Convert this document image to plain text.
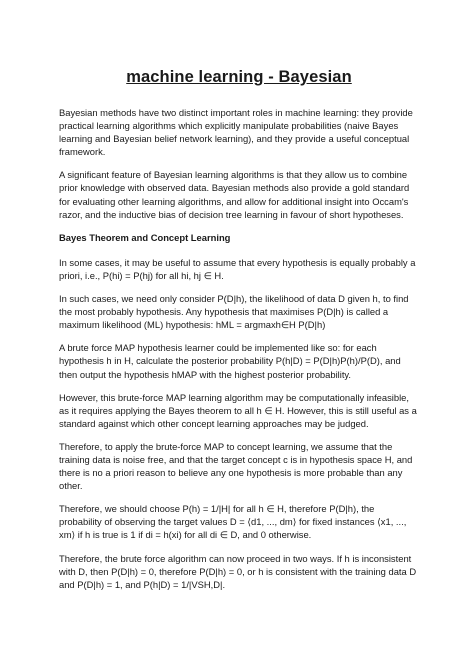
machine learning - Bayesian

Bayesian methods have two distinct important roles in machine learning: they provide practical learning algorithms which explicitly manipulate probabilities (naive Bayes learning and Bayesian belief network learning), and they provide a useful conceptual framework.

A significant feature of Bayesian learning algorithms is that they allow us to combine prior knowledge with observed data. Bayesian methods also provide a gold standard for evaluating other learning algorithms, and allow for additional insight into Occam's razor, and the inductive bias of decision tree learning in favour of short hypotheses.

Bayes Theorem and Concept Learning

In some cases, it may be useful to assume that every hypothesis is equally probably a priori, i.e., P(hi) = P(hj) for all hi, hj ∈ H.

In such cases, we need only consider P(D|h), the likelihood of data D given h, to find the most probably hypothesis. Any hypothesis that maximises P(D|h) is called a maximum likelihood (ML) hypothesis: hML = argmaxh∈H P(D|h)

A brute force MAP hypothesis learner could be implemented like so: for each hypothesis h in H, calculate the posterior probability P(h|D) = P(D|h)P(h)/P(D), and then output the hypothesis hMAP with the highest posterior probability.

However, this brute-force MAP learning algorithm may be computationally infeasible, as it requires applying the Bayes theorem to all h ∈ H. However, this is still useful as a standard against which other concept learning approaches may be judged.

Therefore, to apply the brute-force MAP to concept learning, we assume that the training data is noise free, and that the target concept c is in hypothesis space H, and there is no a priori reason to believe any one hypothesis is more probable than any other.

Therefore, we should choose P(h) = 1/|H| for all h ∈ H, therefore P(D|h), the probability of observing the target values D = ⟨d1, ..., dm⟩ for fixed instances ⟨x1, ..., xm⟩ if h is true is 1 if di = h(xi) for all di ∈ D, and 0 otherwise.

Therefore, the brute force algorithm can now proceed in two ways. If h is inconsistent with D, then P(D|h) = 0, therefore P(D|h) = 0, or h is consistent with the training data D and P(D|h) = 1, and P(h|D) = 1/|VSH,D|.
